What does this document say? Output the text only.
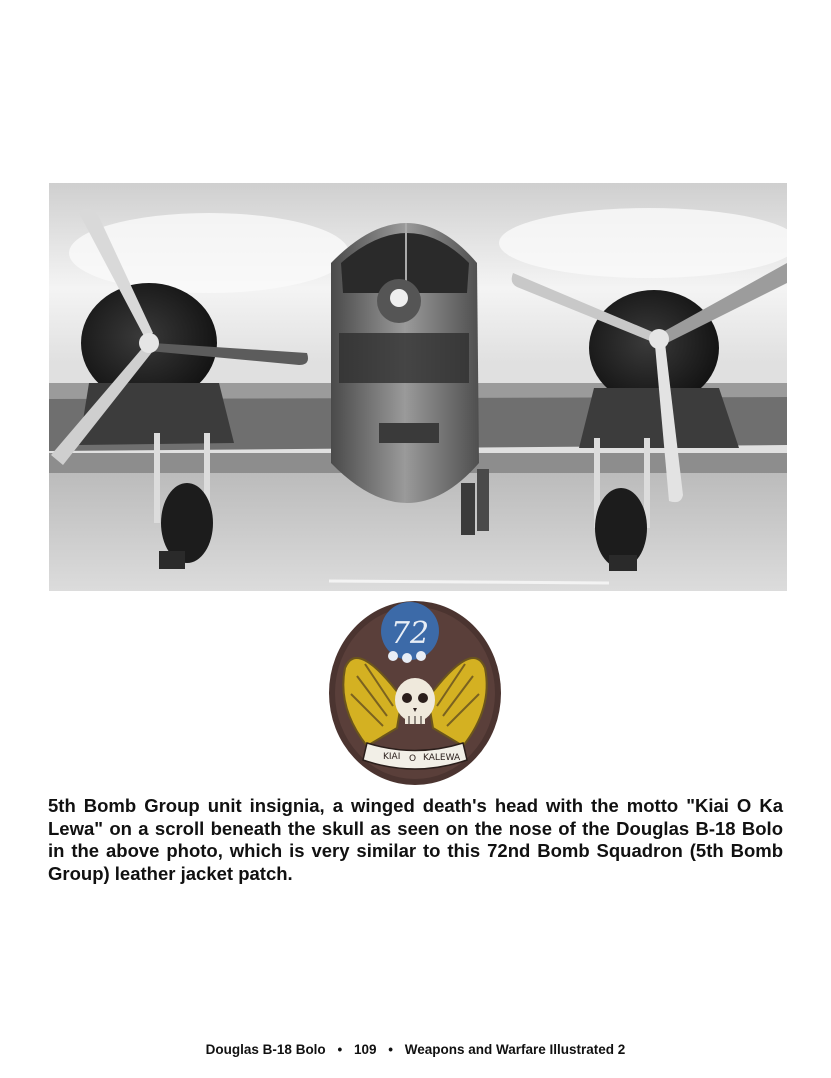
72
KIAI O KALEWA

5th Bomb Group unit insignia, a winged death's head with the motto "Kiai O Ka Lewa" on a scroll beneath the skull as seen on the nose of the Douglas B-18 Bolo in the above photo, which is very similar to this 72nd Bomb Squadron (5th Bomb Group) leather jacket patch.

Douglas B-18 Bolo • 109 • Weapons and Warfare Illustrated 2
